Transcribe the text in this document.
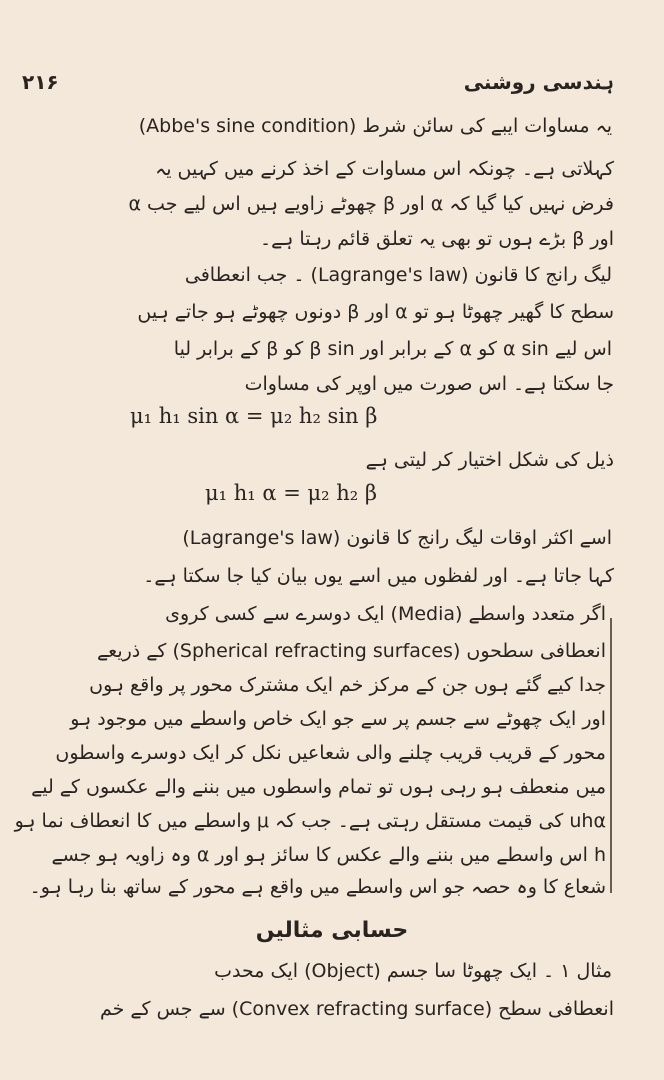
۲۱۶	ہندسی روشنی
یہ مساوات ایبے کی سائن شرط (Abbe's sine condition)
کہلاتی ہے۔ چونکہ اس مساوات کے اخذ کرنے میں کہیں یہ
فرض نہیں کیا گیا کہ α اور β چھوٹے زاویے ہیں اس لیے جب α
اور β بڑے ہوں تو بھی یہ تعلق قائم رہتا ہے۔
لیگ رانج کا قانون (Lagrange's law) ۔ جب انعطافی
سطح کا گھیر چھوٹا ہو تو α اور β دونوں چھوٹے ہو جاتے ہیں
اس لیے α sin کو α کے برابر اور β sin کو β کے برابر لیا
جا سکتا ہے۔ اس صورت میں اوپر کی مساوات
μ₁ h₁ sin α = μ₂ h₂ sin β
ذیل کی شکل اختیار کر لیتی ہے
μ₁ h₁ α = μ₂ h₂ β
اسے اکثر اوقات لیگ رانج کا قانون (Lagrange's law)
کہا جاتا ہے۔ اور لفظوں میں اسے یوں بیان کیا جا سکتا ہے۔
اگر متعدد واسطے (Media) ایک دوسرے سے کسی کروی
انعطافی سطحوں (Spherical refracting surfaces) کے ذریعے
جدا کیے گئے ہوں جن کے مرکز خم ایک مشترک محور پر واقع ہوں
اور ایک چھوٹے سے جسم پر سے جو ایک خاص واسطے میں موجود ہو
محور کے قریب قریب چلنے والی شعاعیں نکل کر ایک دوسرے واسطوں
میں منعطف ہو رہی ہوں تو تمام واسطوں میں بننے والے عکسوں کے لیے
uhα کی قیمت مستقل رہتی ہے۔ جب کہ μ واسطے میں کا انعطاف نما ہو
h اس واسطے میں بننے والے عکس کا سائز ہو اور α وہ زاویہ ہو جسے
شعاع کا وہ حصہ جو اس واسطے میں واقع ہے محور کے ساتھ بنا رہا ہو۔
حسابی مثالیں
مثال ۱ ۔ ایک چھوٹا سا جسم (Object) ایک محدب
انعطافی سطح (Convex refracting surface) سے جس کے خم
